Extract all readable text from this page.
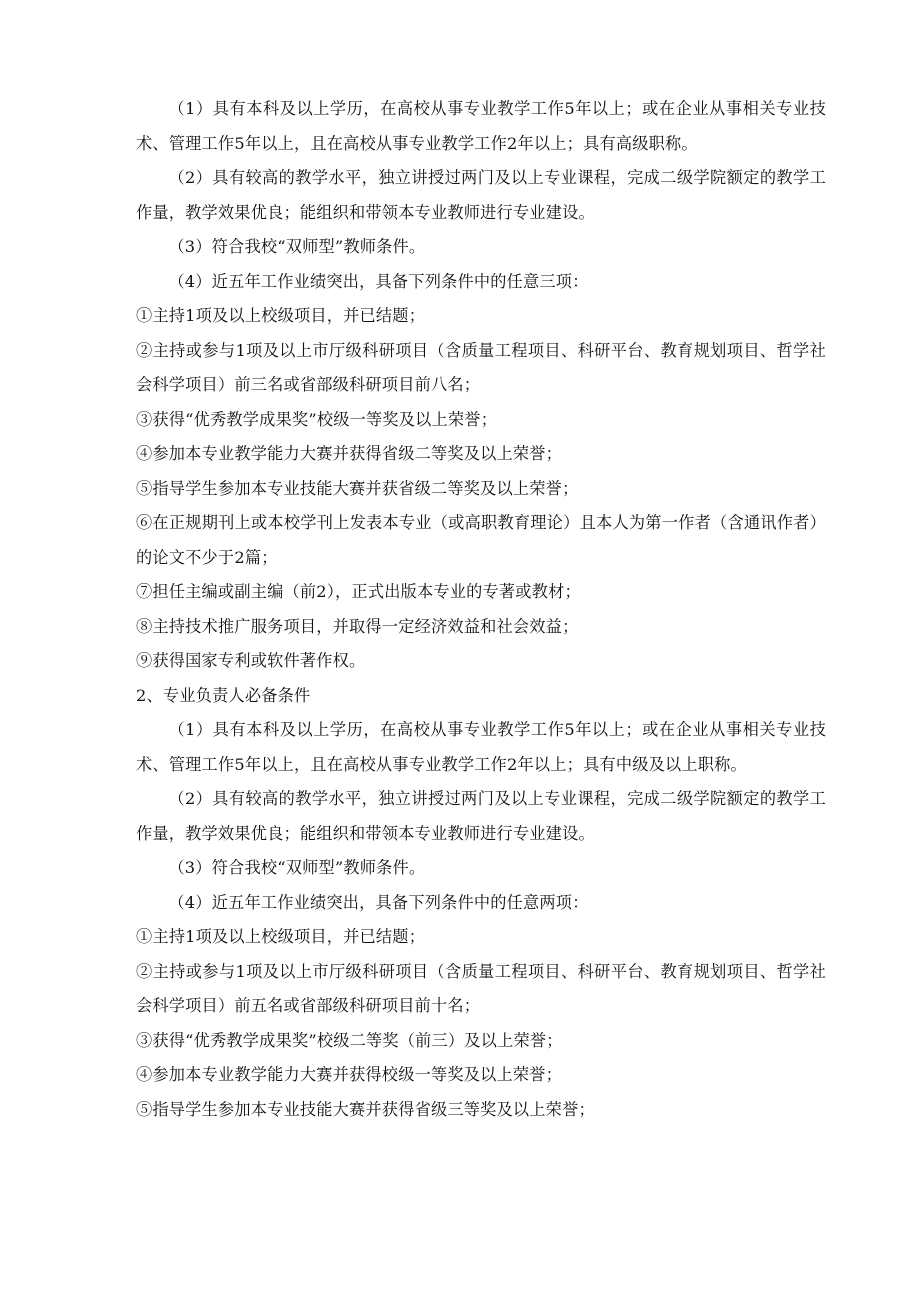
（1）具有本科及以上学历，在高校从事专业教学工作5年以上；或在企业从事相关专业技术、管理工作5年以上，且在高校从事专业教学工作2年以上；具有高级职称。

（2）具有较高的教学水平，独立讲授过两门及以上专业课程，完成二级学院额定的教学工作量，教学效果优良；能组织和带领本专业教师进行专业建设。

（3）符合我校“双师型”教师条件。

（4）近五年工作业绩突出，具备下列条件中的任意三项：

①主持1项及以上校级项目，并已结题；

②主持或参与1项及以上市厅级科研项目（含质量工程项目、科研平台、教育规划项目、哲学社会科学项目）前三名或省部级科研项目前八名；

③获得“优秀教学成果奖”校级一等奖及以上荣誉；

④参加本专业教学能力大赛并获得省级二等奖及以上荣誉；

⑤指导学生参加本专业技能大赛并获省级二等奖及以上荣誉；

⑥在正规期刊上或本校学刊上发表本专业（或高职教育理论）且本人为第一作者（含通讯作者）的论文不少于2篇；

⑦担任主编或副主编（前2），正式出版本专业的专著或教材；

⑧主持技术推广服务项目，并取得一定经济效益和社会效益；

⑨获得国家专利或软件著作权。

2、专业负责人必备条件

（1）具有本科及以上学历，在高校从事专业教学工作5年以上；或在企业从事相关专业技术、管理工作5年以上，且在高校从事专业教学工作2年以上；具有中级及以上职称。

（2）具有较高的教学水平，独立讲授过两门及以上专业课程，完成二级学院额定的教学工作量，教学效果优良；能组织和带领本专业教师进行专业建设。

（3）符合我校“双师型”教师条件。

（4）近五年工作业绩突出，具备下列条件中的任意两项：

①主持1项及以上校级项目，并已结题；

②主持或参与1项及以上市厅级科研项目（含质量工程项目、科研平台、教育规划项目、哲学社会科学项目）前五名或省部级科研项目前十名；

③获得“优秀教学成果奖”校级二等奖（前三）及以上荣誉；

④参加本专业教学能力大赛并获得校级一等奖及以上荣誉；

⑤指导学生参加本专业技能大赛并获得省级三等奖及以上荣誉；
